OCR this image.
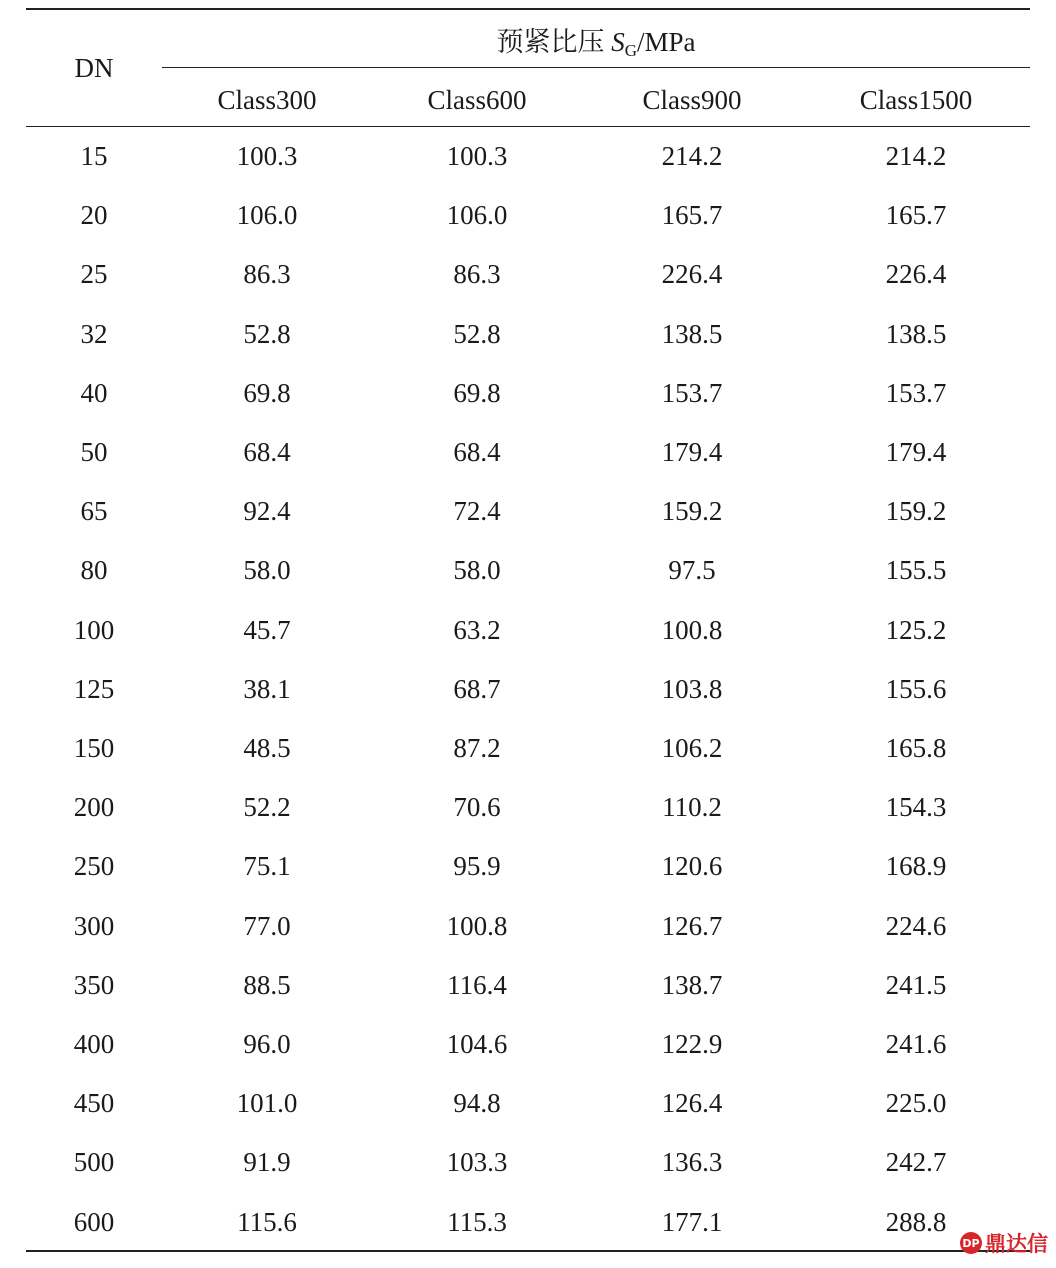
DN
预紧比压 $S_G$/MPa
Class300	Class600	Class900	Class1500
15	100.3	100.3	214.2	214.2
20	106.0	106.0	165.7	165.7
25	86.3	86.3	226.4	226.4
32	52.8	52.8	138.5	138.5
40	69.8	69.8	153.7	153.7
50	68.4	68.4	179.4	179.4
65	92.4	72.4	159.2	159.2
80	58.0	58.0	97.5	155.5
100	45.7	63.2	100.8	125.2
125	38.1	68.7	103.8	155.6
150	48.5	87.2	106.2	165.8
200	52.2	70.6	110.2	154.3
250	75.1	95.9	120.6	168.9
300	77.0	100.8	126.7	224.6
350	88.5	116.4	138.7	241.5
400	96.0	104.6	122.9	241.6
450	101.0	94.8	126.4	225.0
500	91.9	103.3	136.3	242.7
600	115.6	115.3	177.1	288.8
DP 鼎达信
